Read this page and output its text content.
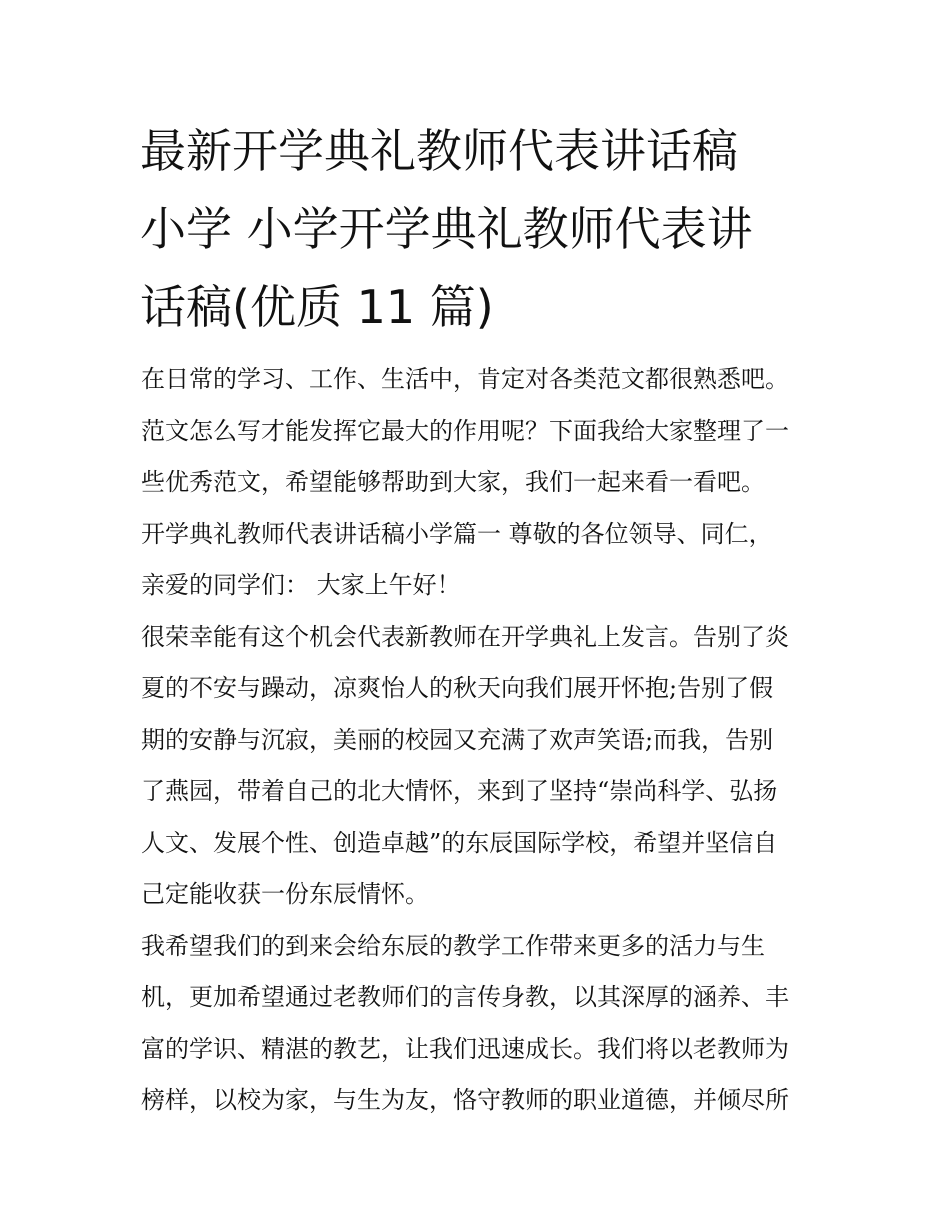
最新开学典礼教师代表讲话稿
小学 小学开学典礼教师代表讲
话稿(优质 11 篇)
在日常的学习、工作、生活中，肯定对各类范文都很熟悉吧。
范文怎么写才能发挥它最大的作用呢？下面我给大家整理了一
些优秀范文，希望能够帮助到大家，我们一起来看一看吧。
开学典礼教师代表讲话稿小学篇一 尊敬的各位领导、同仁，
亲爱的同学们： 大家上午好！
很荣幸能有这个机会代表新教师在开学典礼上发言。告别了炎
夏的不安与躁动，凉爽怡人的秋天向我们展开怀抱;告别了假
期的安静与沉寂，美丽的校园又充满了欢声笑语;而我，告别
了燕园，带着自己的北大情怀，来到了坚持“崇尚科学、弘扬
人文、发展个性、创造卓越”的东辰国际学校，希望并坚信自
己定能收获一份东辰情怀。
我希望我们的到来会给东辰的教学工作带来更多的活力与生
机，更加希望通过老教师们的言传身教，以其深厚的涵养、丰
富的学识、精湛的教艺，让我们迅速成长。我们将以老教师为
榜样，以校为家，与生为友，恪守教师的职业道德，并倾尽所
